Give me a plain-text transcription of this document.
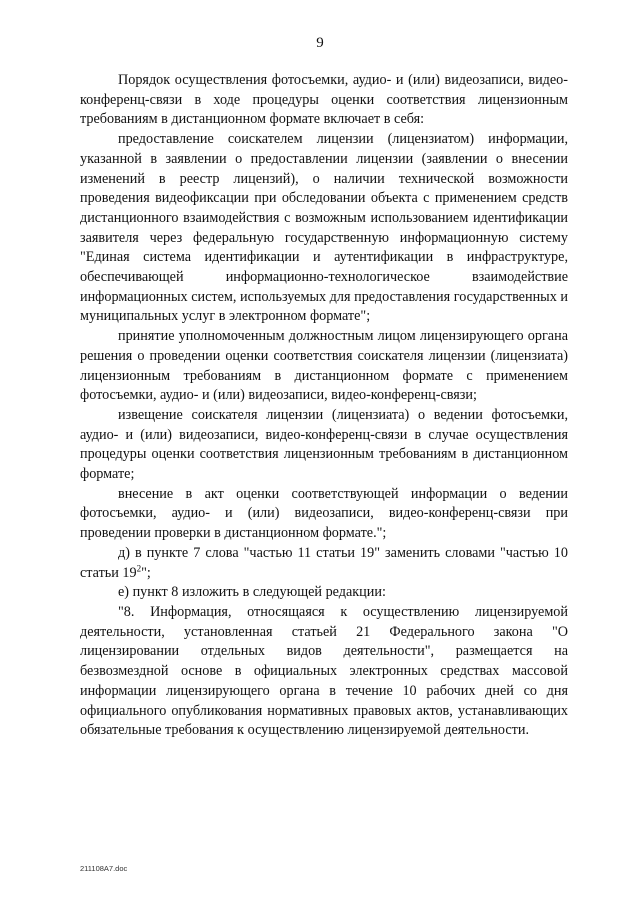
9

Порядок осуществления фотосъемки, аудио- и (или) видеозаписи, видео-конференц-связи в ходе процедуры оценки соответствия лицензионным требованиям в дистанционном формате включает в себя:

предоставление соискателем лицензии (лицензиатом) информации, указанной в заявлении о предоставлении лицензии (заявлении о внесении изменений в реестр лицензий), о наличии технической возможности проведения видеофиксации при обследовании объекта с применением средств дистанционного взаимодействия с возможным использованием идентификации заявителя через федеральную государственную информационную систему "Единая система идентификации и аутентификации в инфраструктуре, обеспечивающей информационно-технологическое взаимодействие информационных систем, используемых для предоставления государственных и муниципальных услуг в электронном формате";

принятие уполномоченным должностным лицом лицензирующего органа решения о проведении оценки соответствия соискателя лицензии (лицензиата) лицензионным требованиям в дистанционном формате с применением фотосъемки, аудио- и (или) видеозаписи, видео-конференц-связи;

извещение соискателя лицензии (лицензиата) о ведении фотосъемки, аудио- и (или) видеозаписи, видео-конференц-связи в случае осуществления процедуры оценки соответствия лицензионным требованиям в дистанционном формате;

внесение в акт оценки соответствующей информации о ведении фотосъемки, аудио- и (или) видеозаписи, видео-конференц-связи при проведении проверки в дистанционном формате.";

д) в пункте 7 слова "частью 11 статьи 19" заменить словами "частью 10 статьи $19^2$";

е) пункт 8 изложить в следующей редакции:

"8. Информация, относящаяся к осуществлению лицензируемой деятельности, установленная статьей 21 Федерального закона "О лицензировании отдельных видов деятельности", размещается на безвозмездной основе в официальных электронных средствах массовой информации лицензирующего органа в течение 10 рабочих дней со дня официального опубликования нормативных правовых актов, устанавливающих обязательные требования к осуществлению лицензируемой деятельности.

211108А7.doc
